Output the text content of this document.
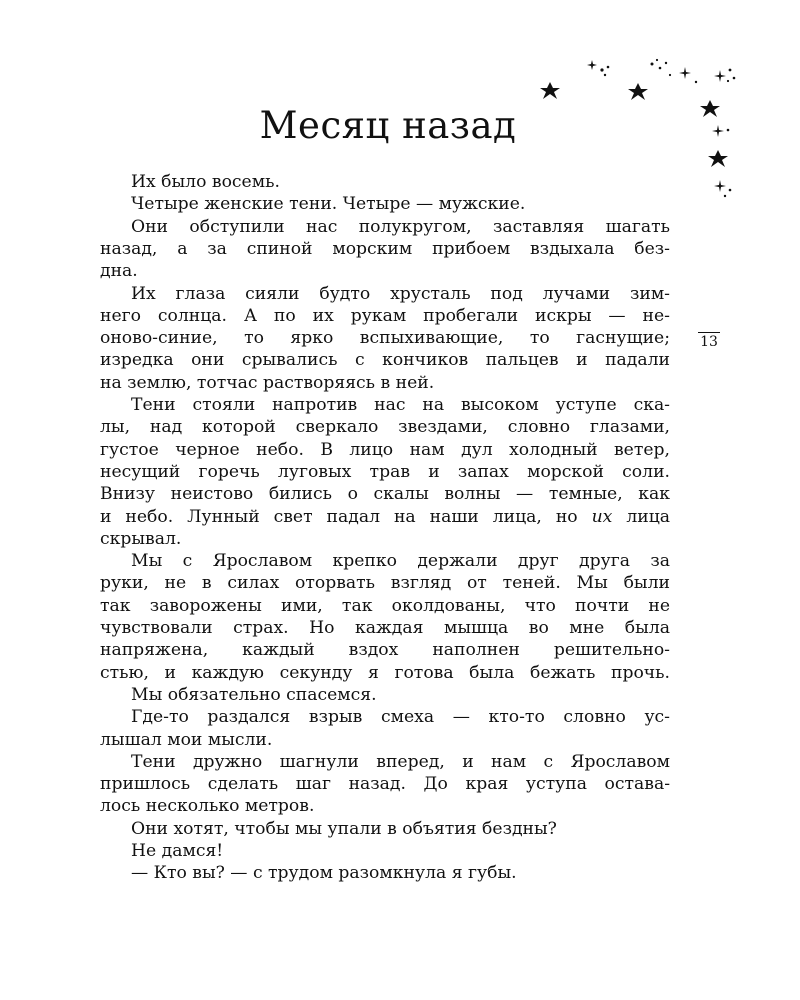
Месяц назад
13
Их было восемь.
Четыре женские тени. Четыре — мужские.
Они обступили нас полукругом, заставляя шагать
назад, а за спиной морским прибоем вздыхала без-
дна.
Их глаза сияли будто хрусталь под лучами зим-
него солнца. А по их рукам пробегали искры — не-
оново-синие, то ярко вспыхивающие, то гаснущие;
изредка они срывались с кончиков пальцев и падали
на землю, тотчас растворяясь в ней.
Тени стояли напротив нас на высоком уступе ска-
лы, над которой сверкало звездами, словно глазами,
густое черное небо. В лицо нам дул холодный ветер,
несущий горечь луговых трав и запах морской соли.
Внизу неистово бились о скалы волны — темные, как
и небо. Лунный свет падал на наши лица, но их лица
скрывал.
Мы с Ярославом крепко держали друг друга за
руки, не в силах оторвать взгляд от теней. Мы были
так заворожены ими, так околдованы, что почти не
чувствовали страх. Но каждая мышца во мне была
напряжена, каждый вздох наполнен решительно-
стью, и каждую секунду я готова была бежать прочь.
Мы обязательно спасемся.
Где-то раздался взрыв смеха — кто-то словно ус-
лышал мои мысли.
Тени дружно шагнули вперед, и нам с Ярославом
пришлось сделать шаг назад. До края уступа остава-
лось несколько метров.
Они хотят, чтобы мы упали в объятия бездны?
Не дамся!
— Кто вы? — с трудом разомкнула я губы.
